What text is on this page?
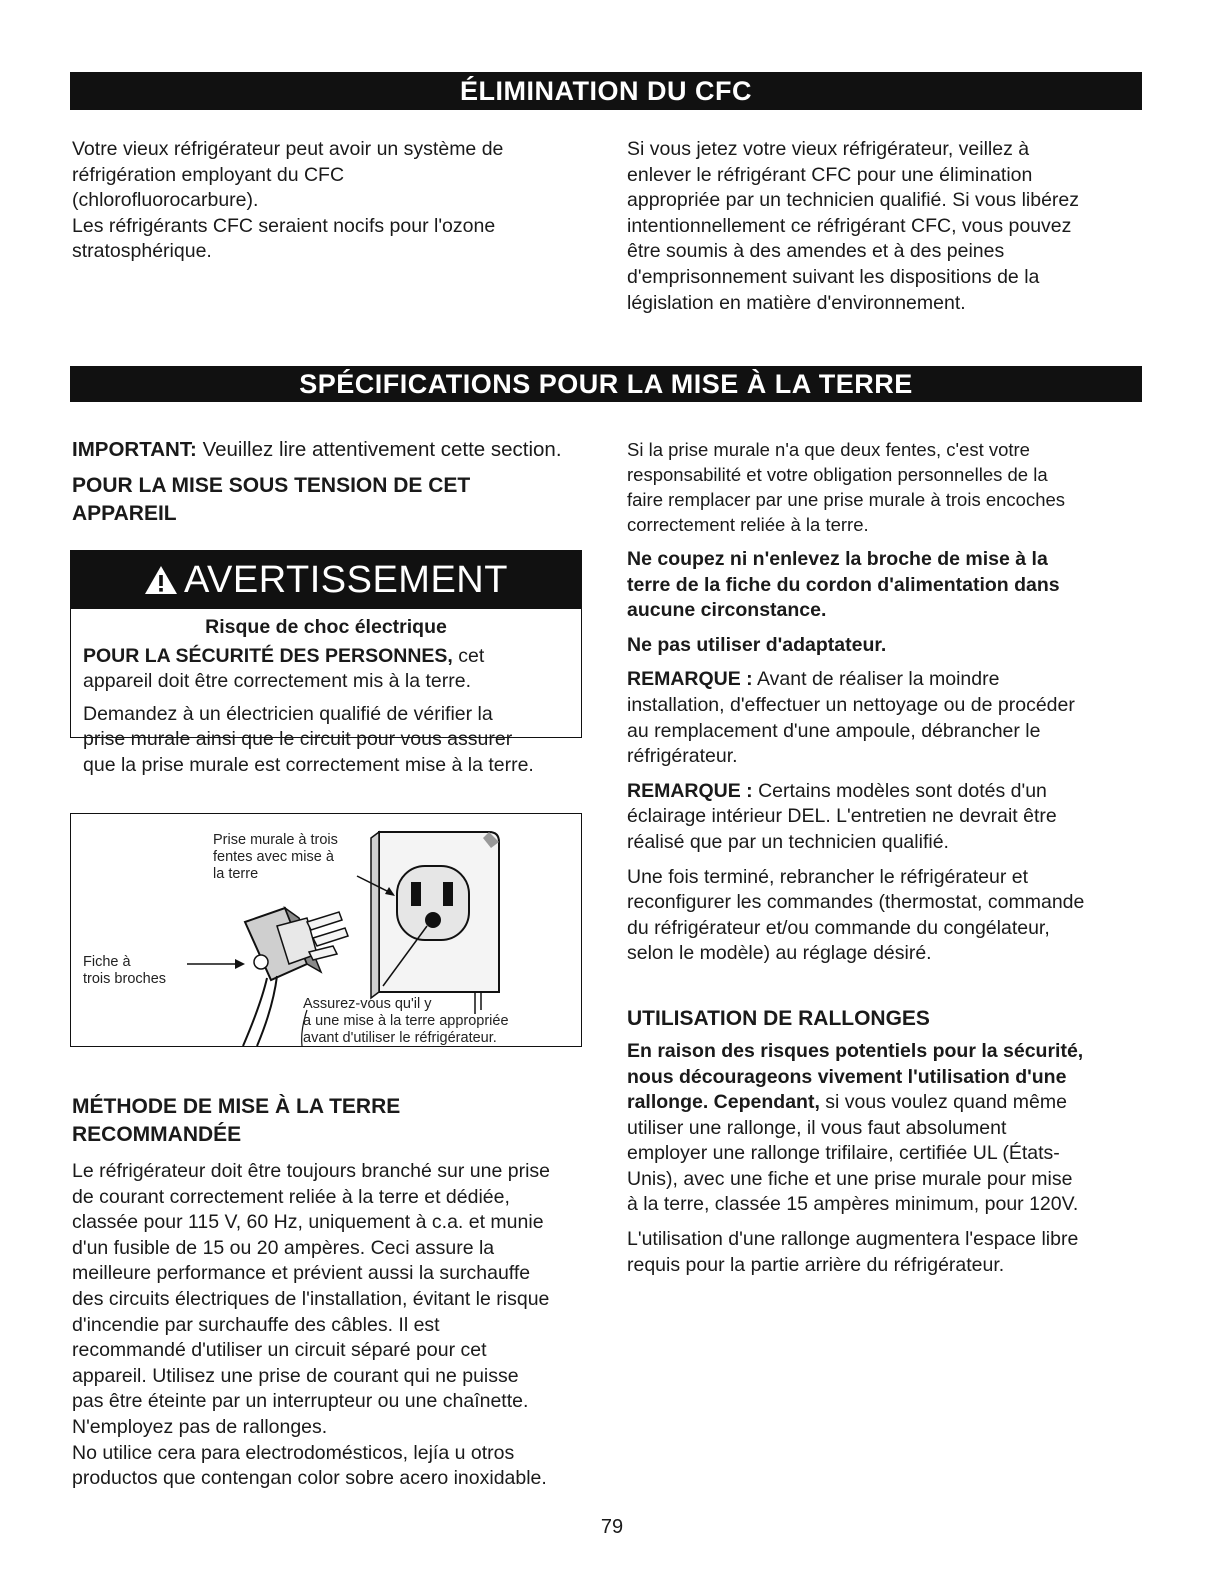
ÉLIMINATION DU CFC

Votre vieux réfrigérateur peut avoir un système de

réfrigération employant du CFC

(chlorofluorocarbure).

Les réfrigérants CFC seraient nocifs pour l'ozone

stratosphérique.

Si vous jetez votre vieux réfrigérateur, veillez à

enlever le réfrigérant CFC pour une élimination

appropriée par un technicien qualifié. Si vous libérez

intentionnellement ce réfrigérant CFC, vous pouvez

être soumis à des amendes et à des peines

d'emprisonnement suivant les dispositions de la

législation en matière d'environnement.

SPÉCIFICATIONS POUR LA MISE À LA TERRE

IMPORTANT: Veuillez lire attentivement cette section.

POUR LA MISE SOUS TENSION DE CET
APPAREIL

AVERTISSEMENT

Risque de choc électrique

POUR LA SÉCURITÉ DES PERSONNES, cet

appareil doit être correctement mis à la terre.

Demandez à un électricien qualifié de vérifier la

prise murale ainsi que le circuit pour vous assurer

que la prise murale est correctement mise à la terre.

Prise murale à trois
fentes avec mise à
la terre
Fiche à
trois broches
Assurez-vous qu'il y
a une mise à la terre appropriée
avant d'utiliser le réfrigérateur.

MÉTHODE DE MISE À LA TERRE
RECOMMANDÉE

Le réfrigérateur doit être toujours branché sur une prise

de courant correctement reliée à la terre et dédiée,

classée pour 115 V, 60 Hz, uniquement à c.a. et munie

d'un fusible de 15 ou 20 ampères. Ceci assure la

meilleure performance et prévient aussi la surchauffe

des circuits électriques de l'installation, évitant le risque

d'incendie par surchauffe des câbles. Il est

recommandé d'utiliser un circuit séparé pour cet

appareil. Utilisez une prise de courant qui ne puisse

pas être éteinte par un interrupteur ou une chaînette.

N'employez pas de rallonges.

No utilice cera para electrodomésticos, lejía u otros

productos que contengan color sobre acero inoxidable.

Si la prise murale n'a que deux fentes, c'est votre
responsabilité et votre obligation personnelles de la
faire remplacer par une prise murale à trois encoches
correctement reliée à la terre.

Ne coupez ni n'enlevez la broche de mise à la
terre de la fiche du cordon d'alimentation dans
aucune circonstance.

Ne pas utiliser d'adaptateur.

REMARQUE : Avant de réaliser la moindre
installation, d'effectuer un nettoyage ou de procéder
au remplacement d'une ampoule, débrancher le
réfrigérateur.

REMARQUE : Certains modèles sont dotés d'un
éclairage intérieur DEL. L'entretien ne devrait être
réalisé que par un technicien qualifié.

Une fois terminé, rebrancher le réfrigérateur et
reconfigurer les commandes (thermostat, commande
du réfrigérateur et/ou commande du congélateur,
selon le modèle) au réglage désiré.

UTILISATION DE RALLONGES

En raison des risques potentiels pour la sécurité,
nous décourageons vivement l'utilisation d'une
rallonge. Cependant, si vous voulez quand même
utiliser une rallonge, il vous faut absolument
employer une rallonge trifilaire, certifiée UL (États-
Unis), avec une fiche et une prise murale pour mise
à la terre, classée 15 ampères minimum, pour 120V.

L'utilisation d'une rallonge augmentera l'espace libre
requis pour la partie arrière du réfrigérateur.

79
